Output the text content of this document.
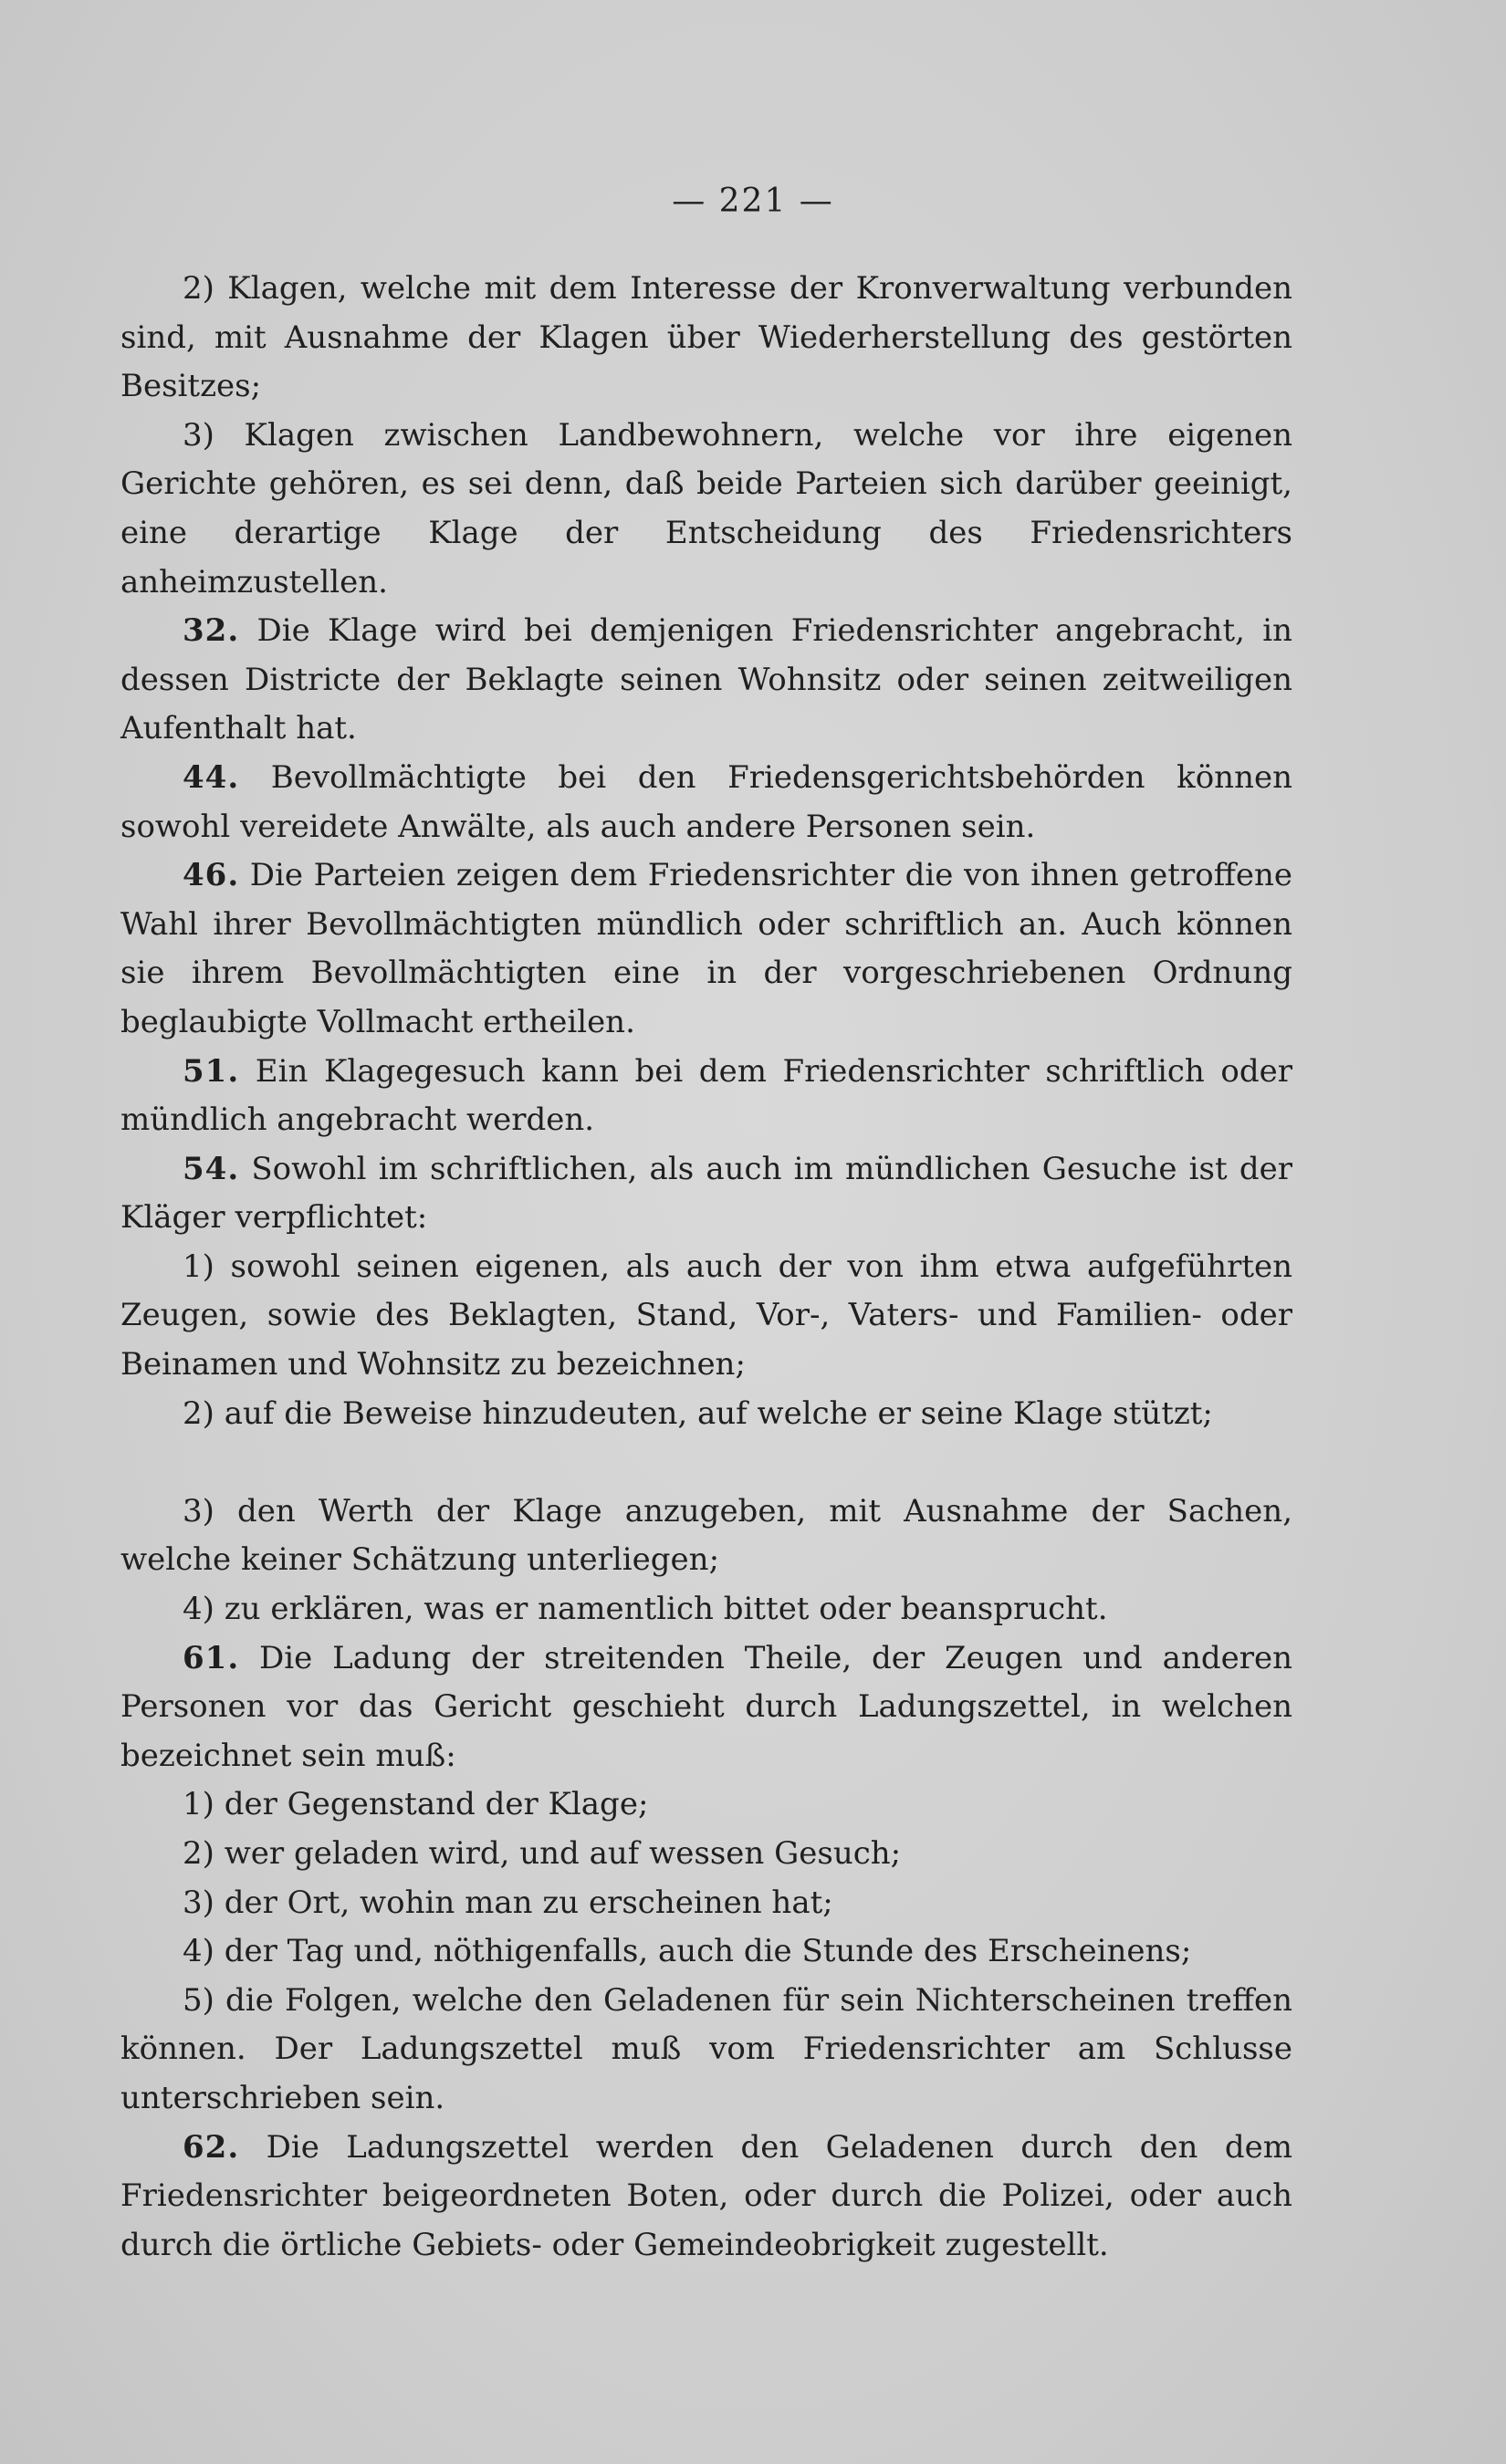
— 221 —

2) Klagen, welche mit dem Interesse der Kronverwaltung verbunden sind, mit Ausnahme der Klagen über Wiederherstellung des gestörten Besitzes;

3) Klagen zwischen Landbewohnern, welche vor ihre eigenen Gerichte gehören, es sei denn, daß beide Parteien sich darüber geeinigt, eine derartige Klage der Entscheidung des Friedensrichters anheimzustellen.

32. Die Klage wird bei demjenigen Friedensrichter angebracht, in dessen Districte der Beklagte seinen Wohnsitz oder seinen zeitweiligen Aufenthalt hat.

44. Bevollmächtigte bei den Friedensgerichtsbehörden können sowohl vereidete Anwälte, als auch andere Personen sein.

46. Die Parteien zeigen dem Friedensrichter die von ihnen getroffene Wahl ihrer Bevollmächtigten mündlich oder schriftlich an. Auch können sie ihrem Bevollmächtigten eine in der vorgeschriebenen Ordnung beglaubigte Vollmacht ertheilen.

51. Ein Klagegesuch kann bei dem Friedensrichter schriftlich oder mündlich angebracht werden.

54. Sowohl im schriftlichen, als auch im mündlichen Gesuche ist der Kläger verpflichtet:

1) sowohl seinen eigenen, als auch der von ihm etwa aufgeführten Zeugen, sowie des Beklagten, Stand, Vor-, Vaters- und Familien- oder Beinamen und Wohnsitz zu bezeichnen;

2) auf die Beweise hinzudeuten, auf welche er seine Klage stützt;

3) den Werth der Klage anzugeben, mit Ausnahme der Sachen, welche keiner Schätzung unterliegen;

4) zu erklären, was er namentlich bittet oder beansprucht.

61. Die Ladung der streitenden Theile, der Zeugen und anderen Personen vor das Gericht geschieht durch Ladungszettel, in welchen bezeichnet sein muß:

1) der Gegenstand der Klage;

2) wer geladen wird, und auf wessen Gesuch;

3) der Ort, wohin man zu erscheinen hat;

4) der Tag und, nöthigenfalls, auch die Stunde des Erscheinens;

5) die Folgen, welche den Geladenen für sein Nichterscheinen treffen können. Der Ladungszettel muß vom Friedensrichter am Schlusse unterschrieben sein.

62. Die Ladungszettel werden den Geladenen durch den dem Friedensrichter beigeordneten Boten, oder durch die Polizei, oder auch durch die örtliche Gebiets- oder Gemeindeobrigkeit zugestellt.
